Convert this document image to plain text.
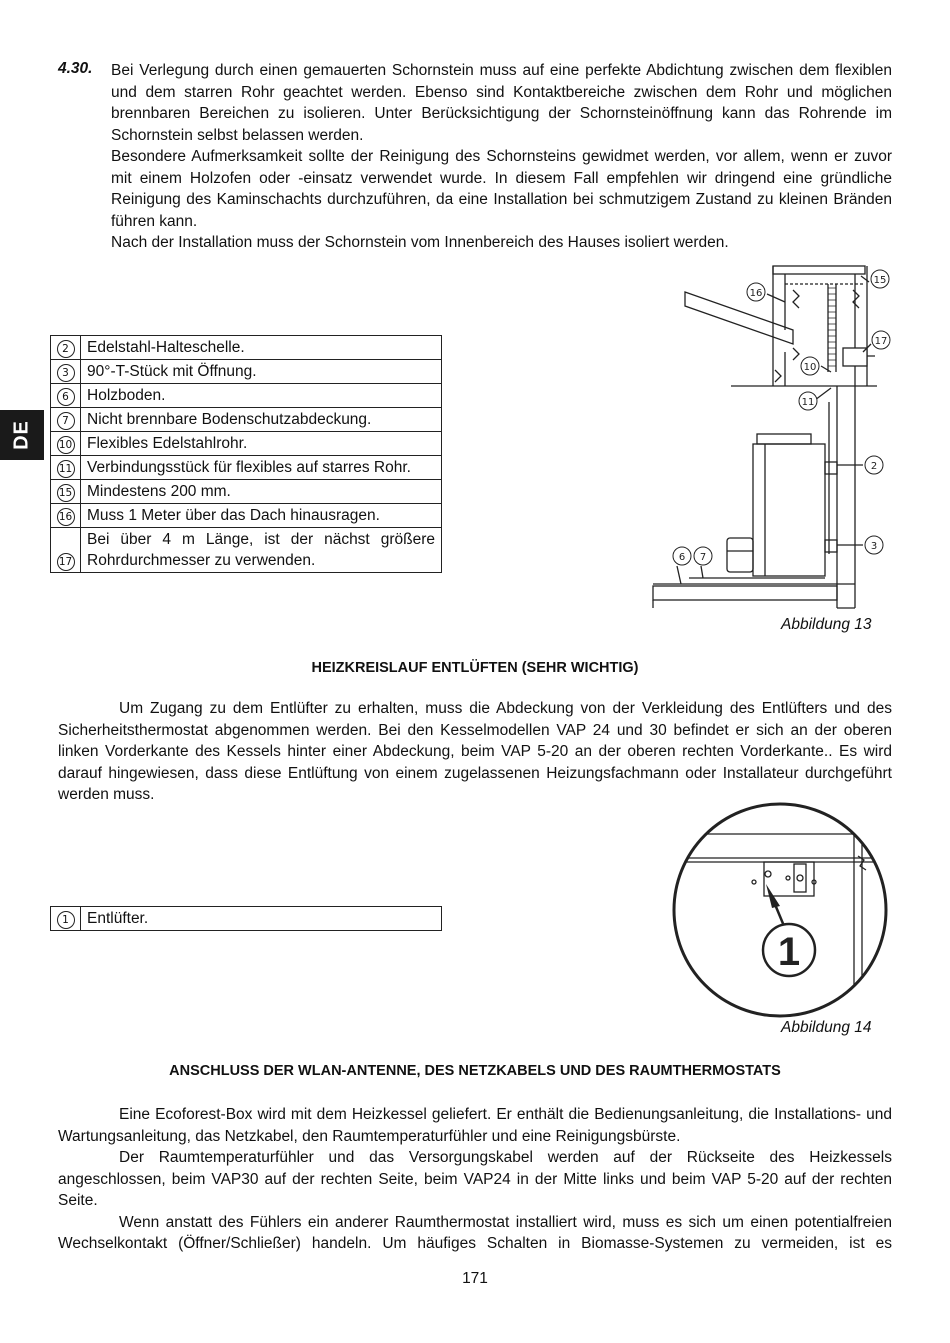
4.30. Bei Verlegung durch einen gemauerten Schornstein muss auf eine perfekte Abdichtung zwischen dem flexiblen und dem starren Rohr geachtet werden. Ebenso sind Kontaktbereiche zwischen dem Rohr und möglichen brennbaren Bereichen zu isolieren. Unter Berücksichtigung der Schornsteinöffnung kann das Rohrende im Schornstein selbst belassen werden.
Besondere Aufmerksamkeit sollte der Reinigung des Schornsteins gewidmet werden, vor allem, wenn er zuvor mit einem Holzofen oder -einsatz verwendet wurde. In diesem Fall empfehlen wir dringend eine gründliche Reinigung des Kaminschachts durchzuführen, da eine Installation bei schmutzigem Zustand zu kleinen Bränden führen kann.
Nach der Installation muss der Schornstein vom Innenbereich des Hauses isoliert werden.
DE
2	Edelstahl-Halteschelle.
3	90°-T-Stück mit Öffnung.
6	Holzboden.
7	Nicht brennbare Bodenschutzabdeckung.
10	Flexibles Edelstahlrohr.
11	Verbindungsstück für flexibles auf starres Rohr.
15	Mindestens 200 mm.
16	Muss 1 Meter über das Dach hinausragen.
17	Bei über 4 m Länge, ist der nächst größere Rohrdurchmesser zu verwenden.
15
16
17
10
11
2
3
6 7
Abbildung 13
HEIZKREISLAUF ENTLÜFTEN (SEHR WICHTIG)
Um Zugang zu dem Entlüfter zu erhalten, muss die Abdeckung von der Verkleidung des Entlüfters und des Sicherheitsthermostat abgenommen werden. Bei den Kesselmodellen VAP 24 und 30 befindet er sich an der oberen linken Vorderkante des Kessels hinter einer Abdeckung, beim VAP 5-20 an der oberen rechten Vorderkante.. Es wird darauf hingewiesen, dass diese Entlüftung von einem zugelassenen Heizungsfachmann oder Installateur durchgeführt werden muss.
1	Entlüfter.
1
Abbildung 14
ANSCHLUSS DER WLAN-ANTENNE, DES NETZKABELS UND DES RAUMTHERMOSTATS
Eine Ecoforest-Box wird mit dem Heizkessel geliefert. Er enthält die Bedienungsanleitung, die Installations- und Wartungsanleitung, das Netzkabel, den Raumtemperaturfühler und eine Reinigungsbürste.
Der Raumtemperaturfühler und das Versorgungskabel werden auf der Rückseite des Heizkessels angeschlossen, beim VAP30 auf der rechten Seite, beim VAP24 in der Mitte links und beim VAP 5-20 auf der rechten Seite.
Wenn anstatt des Fühlers ein anderer Raumthermostat installiert wird, muss es sich um einen potentialfreien Wechselkontakt (Öffner/Schließer) handeln. Um häufiges Schalten in Biomasse-Systemen zu vermeiden, ist es
171
